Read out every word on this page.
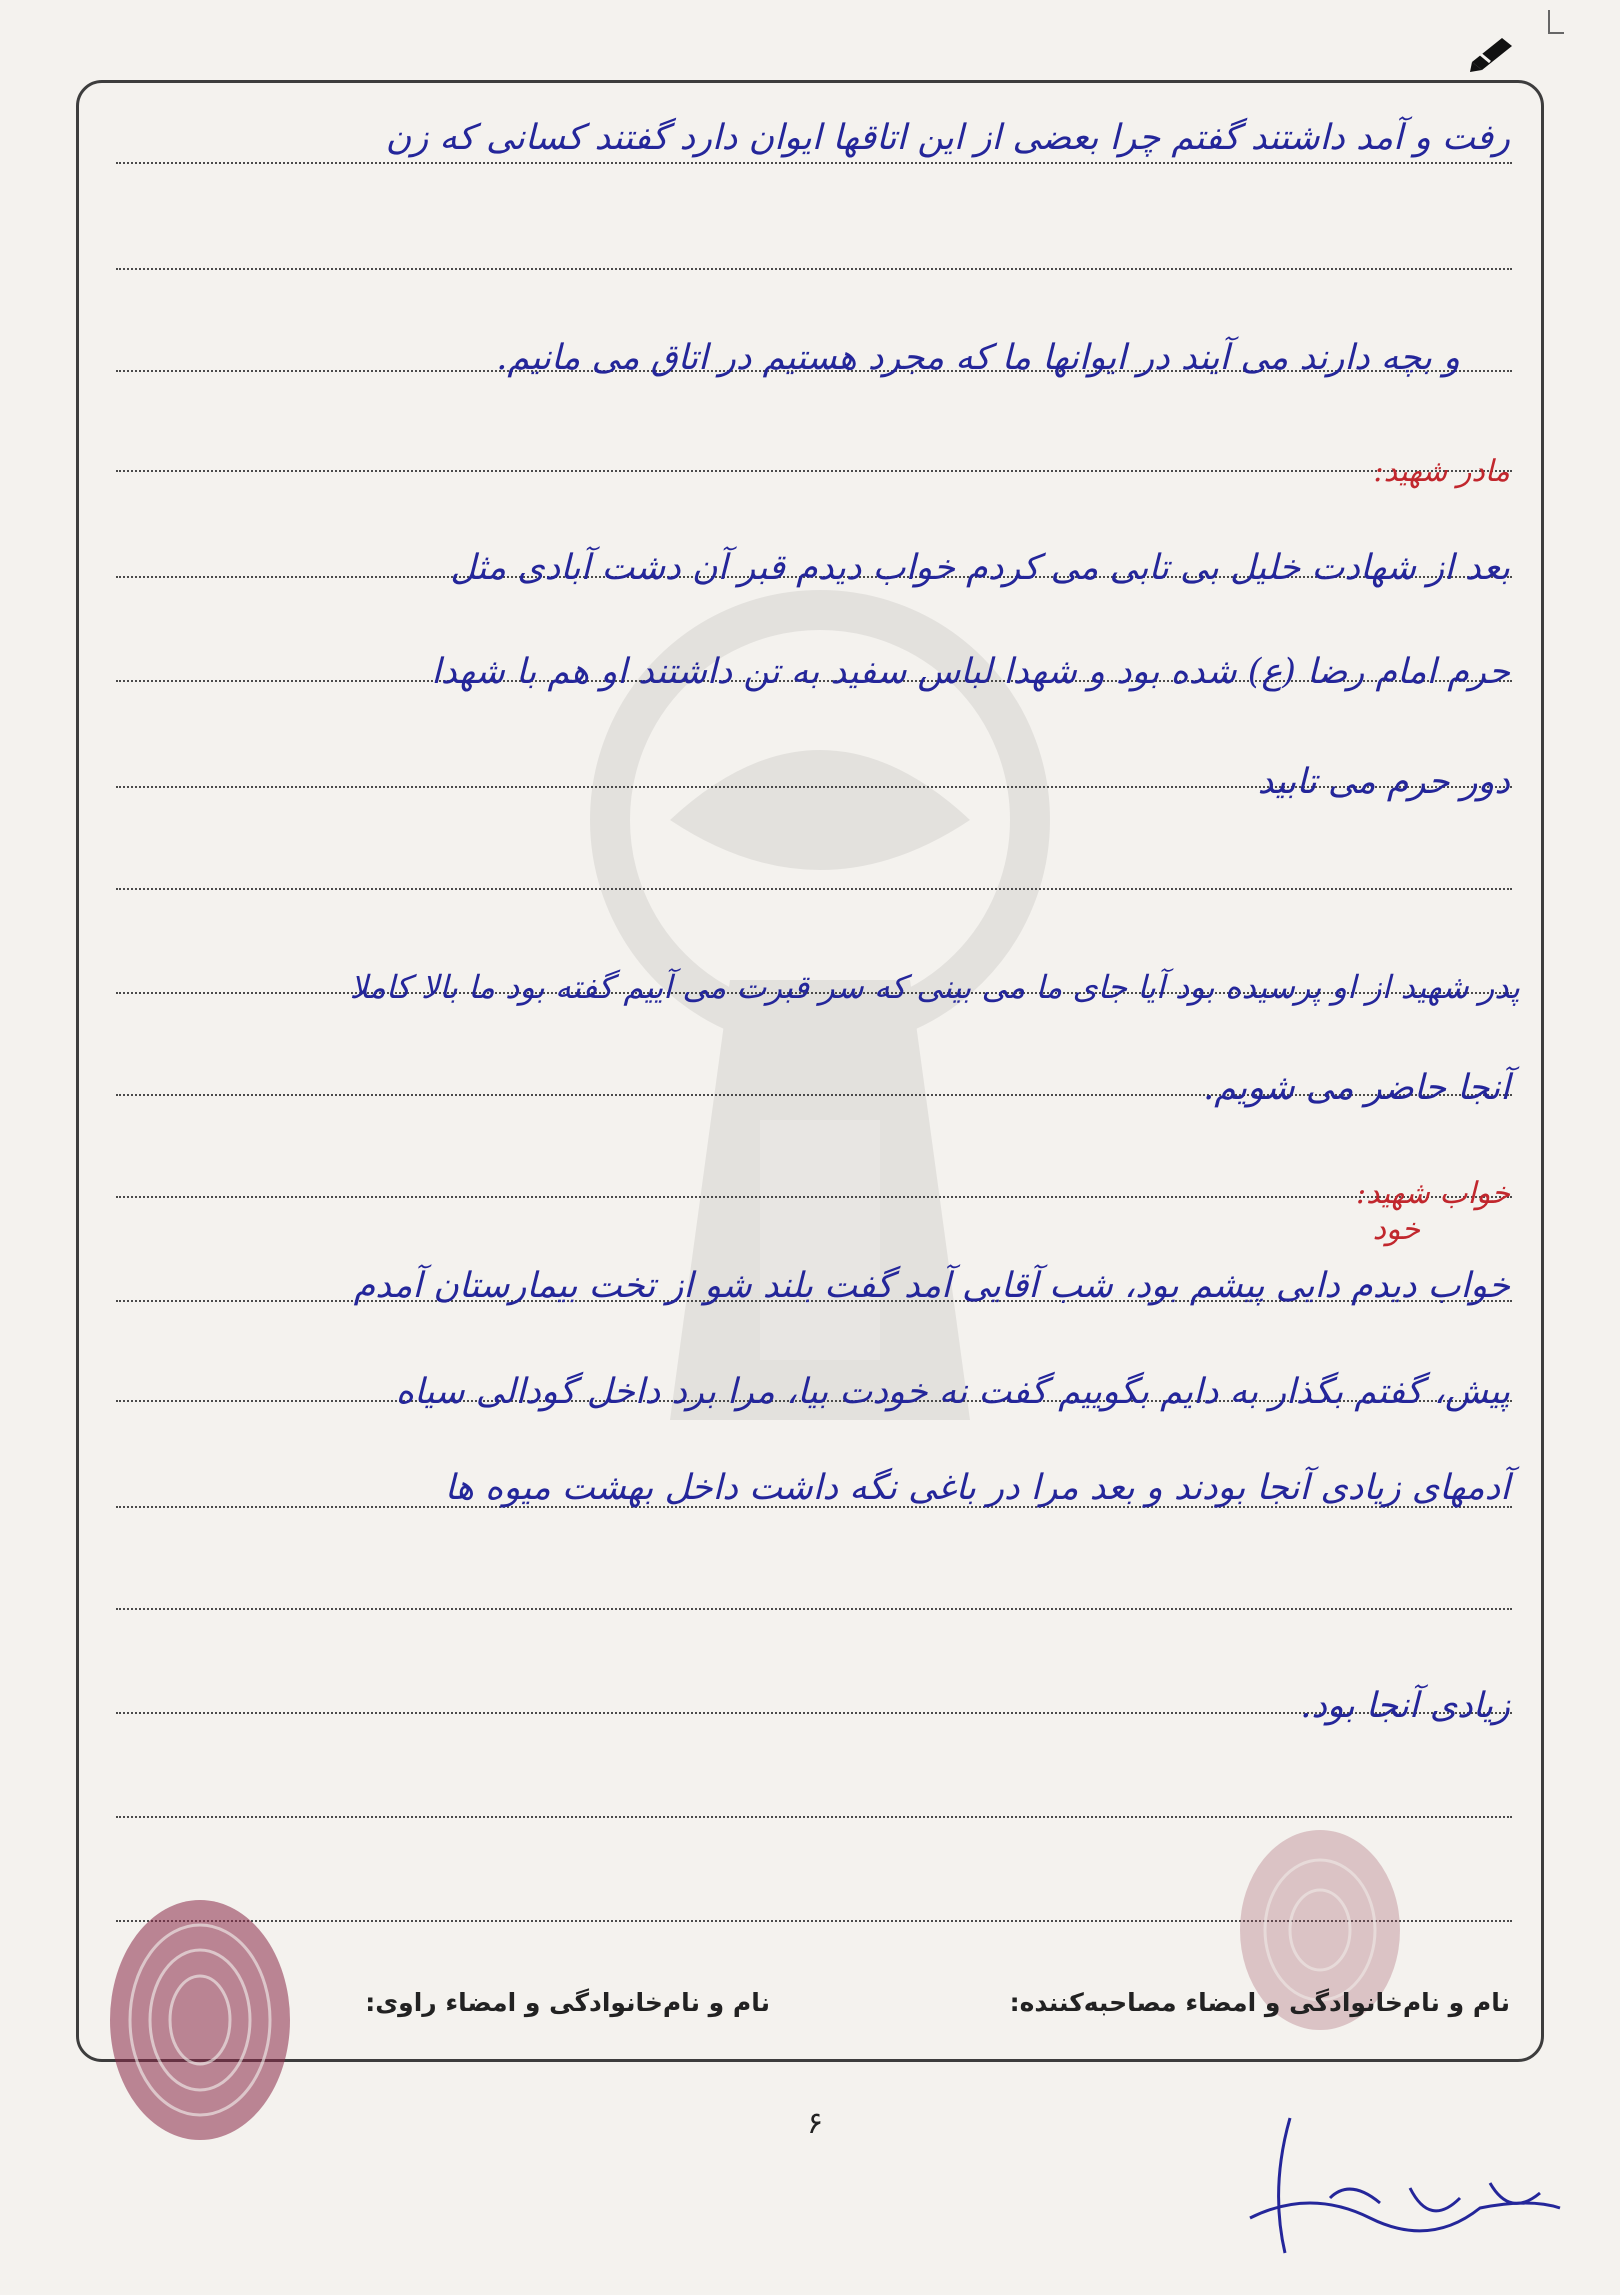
رفت و آمد داشتند گفتم چرا بعضی از این اتاقها ایوان دارد گفتند کسانی که زن
و بچه دارند می آیند در ایوانها ما که مجرد هستیم در اتاق می مانیم.
مادر شهید:
بعد از شهادت خلیل بی تابی می کردم خواب دیدم قبر آن دشت آبادی مثل
حرم امام رضا (ع) شده بود و شهدا لباس سفید به تن داشتند او هم با شهدا
دور حرم می تابید
پدر شهید از او پرسیده بود آیا جای ما می بینی که سر قبرت می آییم گفته بود ما بالا کاملا
آنجا حاضر می شویم.
خواب شهید:
خود
خواب دیدم دایی پیشم بود، شب آقایی آمد گفت بلند شو از تخت بیمارستان آمدم
پیش، گفتم بگذار به دایم بگوییم گفت نه خودت بیا، مرا برد داخل گودالی سیاه
آدمهای زیادی آنجا بودند و بعد مرا در باغی نگه داشت داخل بهشت میوه ها
زیادی آنجا بود.
نام و نام‌خانوادگی و امضاء مصاحبه‌کننده:
نام و نام‌خانوادگی و امضاء راوی:
۶
